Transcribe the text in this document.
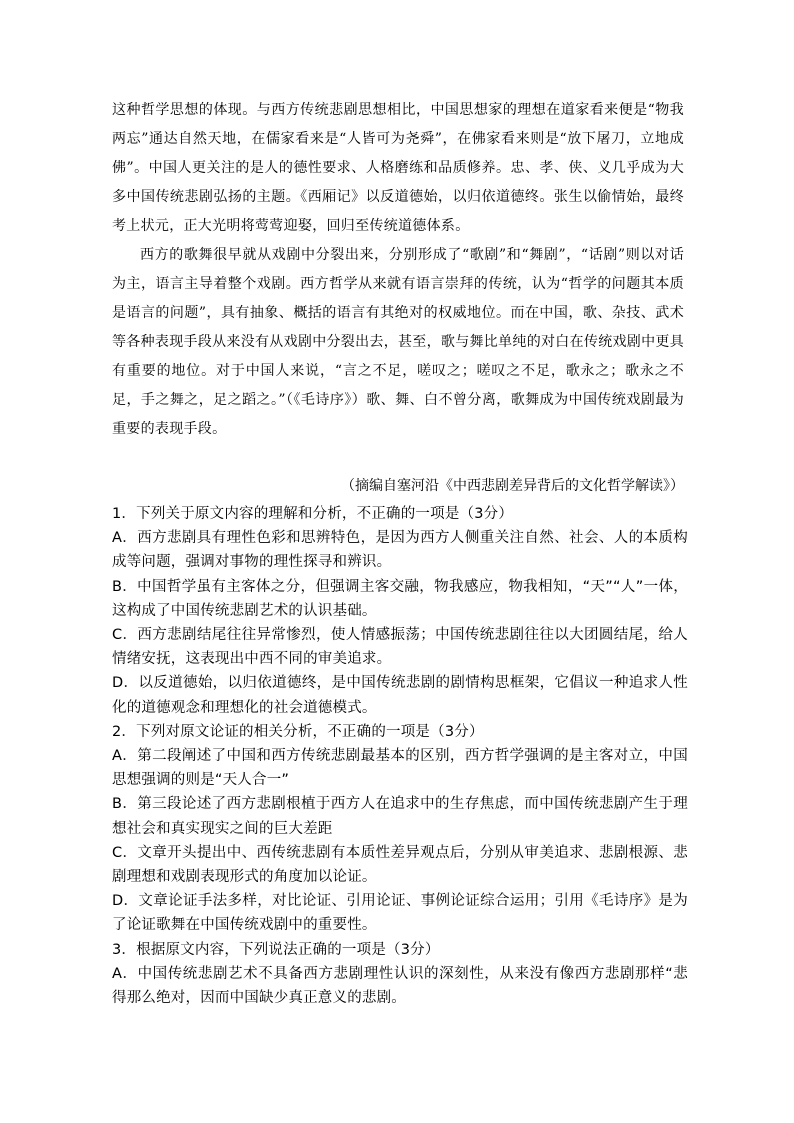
这种哲学思想的体现。与西方传统悲剧思想相比，中国思想家的理想在道家看来便是“物我两忘”通达自然天地，在儒家看来是“人皆可为尧舜”，在佛家看来则是“放下屠刀，立地成佛”。中国人更关注的是人的德性要求、人格磨练和品质修养。忠、孝、侠、义几乎成为大多中国传统悲剧弘扬的主题。《西厢记》以反道德始，以归依道德终。张生以偷情始，最终考上状元，正大光明将莺莺迎娶，回归至传统道德体系。

西方的歌舞很早就从戏剧中分裂出来，分别形成了“歌剧”和“舞剧”，“话剧”则以对话为主，语言主导着整个戏剧。西方哲学从来就有语言崇拜的传统，认为“哲学的问题其本质是语言的问题”，具有抽象、概括的语言有其绝对的权威地位。而在中国，歌、杂技、武术等各种表现手段从来没有从戏剧中分裂出去，甚至，歌与舞比单纯的对白在传统戏剧中更具有重要的地位。对于中国人来说，“言之不足，嗟叹之；嗟叹之不足，歌永之；歌永之不足，手之舞之，足之蹈之。”（《毛诗序》）歌、舞、白不曾分离，歌舞成为中国传统戏剧最为重要的表现手段。

（摘编自塞河沿《中西悲剧差异背后的文化哲学解读》）

1．下列关于原文内容的理解和分析，不正确的一项是（3分）

A．西方悲剧具有理性色彩和思辨特色，是因为西方人侧重关注自然、社会、人的本质构成等问题，强调对事物的理性探寻和辨识。

B．中国哲学虽有主客体之分，但强调主客交融，物我感应，物我相知，“天”“人”一体，这构成了中国传统悲剧艺术的认识基础。

C．西方悲剧结尾往往异常惨烈，使人情感振荡；中国传统悲剧往往以大团圆结尾，给人情绪安抚，这表现出中西不同的审美追求。

D．以反道德始，以归依道德终，是中国传统悲剧的剧情构思框架，它倡议一种追求人性化的道德观念和理想化的社会道德模式。

2．下列对原文论证的相关分析，不正确的一项是（3分）

A．第二段阐述了中国和西方传统悲剧最基本的区别，西方哲学强调的是主客对立，中国思想强调的则是“天人合一”

B．第三段论述了西方悲剧根植于西方人在追求中的生存焦虑，而中国传统悲剧产生于理想社会和真实现实之间的巨大差距

C．文章开头提出中、西传统悲剧有本质性差异观点后，分别从审美追求、悲剧根源、悲剧理想和戏剧表现形式的角度加以论证。

D．文章论证手法多样，对比论证、引用论证、事例论证综合运用；引用《毛诗序》是为了论证歌舞在中国传统戏剧中的重要性。

3．根据原文内容，下列说法正确的一项是（3分）

A．中国传统悲剧艺术不具备西方悲剧理性认识的深刻性，从来没有像西方悲剧那样“悲得那么绝对，因而中国缺少真正意义的悲剧。
